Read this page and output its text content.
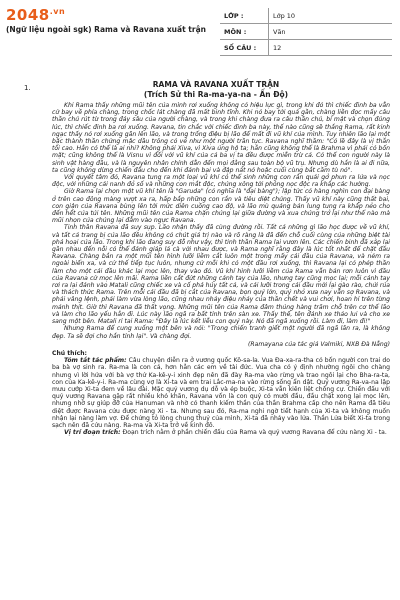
$2048^{.vn}$
(Ngữ liệu ngoài sgk) Rama và Ravana xuất trận
LỚP :	Lớp 10
MÔN :	Văn
SỐ CÂU :	12
1.	RAMA VÀ RAVANA XUẤT TRẬN
(Trích Sử thi Ra-ma-ya-na - Ấn Độ)

Khi Rama thấy những mũi tên của mình rơi xuống không có hiệu lực gì, trong khi đó thì chiếc đinh ba vẫn cứ bay về phía chàng, trong chốc lát chàng đã mất binh tĩnh. Khi nó bay tới quá gần, chàng liền đọc mấy câu thần chú rút từ trong đáy sâu của người chàng, và trong khi chàng đưa ra câu thần chú, bí mật và chọn đúng lúc, thì chiếc đinh ba rơi xuống. Ravana, tin chắc với chiếc đinh ba này, thế nào cũng sẽ thắng Rama, rất kinh ngạc thấy nó rơi xuống gãn lên lão, và trong trống điệu bị lão để mất đi vũ khí của mình. Tuy nhiên lão lại một bặc thành thần chứng mặc dầu trông có vẻ như một người trần tục. Ravana nghĩ thầm: "Có lẽ đây là vị thần tối cao. Hẳn có thể là ai nhỉ? Không phải Xiva, vì Xiva ủng hộ ta; hẳn cũng không thể là Brahma vì phải có bốn mặt; cũng không thể là Visnu vì đối với vũ khí của cả ba vị ta đều được miễn trừ cả. Có thể con người này là sinh vật hàng đầu, và là nguyên nhân chính dẫn đến mọi đằng sau toàn bộ vũ trụ. Nhưng dù hắn là ai đi nữa, ta cũng không dừng chiến đấu cho đến khi đánh bại và đập nát nó hoặc cuối cùng bắt cầm tù nó".

Với quyết tâm đó, Ravana tung ra một loại vũ khí có thể sinh những con rắn quái gở phun ra lửa và nọc độc, với những cái nanh đỏ số và những con mắt độc, chúng xông tới phóng nọc độc ra khắp các hướng.

Giờ Rama lại chọn một vũ khí tên là "Garuda" (có nghĩa là "đại bàng"); lập tức có hàng nghìn con đại bàng ở trên cao đông màng vượt xa ra, hấp bắp những con rắn và tiêu diệt chúng. Thấy vũ khí này cũng thất bại, con giận của Ravana bùng lên tới mức diên cuồng cao độ, và lão mù quáng bản lung tung ra khắp nẻo cho đến hết của túi tên. Những mũi tên của Rama chặn chúng lại giữa đường và xua chúng trở lại như thể nào mà mũi nhọn của chúng lại đâm vào ngực Ravana.

Tinh thần Ravana đã suy sụp. Lão nhận thấy đã cùng đường rồi. Tất cả những gì lão học được về vũ khí, và tất cả trang bị của lão đều không có chút giá trị nào và rõ ràng là đã đến chỗ cuối cùng của những biệt tài phá hoại của lão. Trong khi lão đang suy đỗ như vậy, thì tinh thần Rama lại vươn lên. Các chiến binh đã xáp lại gần nhau đến nỗi có thể đánh giáp lá cà với nhau được, và Rama nghĩ rằng đây là lúc tốt nhất để chặt đầu Ravana. Chàng bắn ra một mũi tên hình lưỡi liềm cắt luôn một trong mấy cái đầu của Ravana, và ném ra ngoài biển xa, và cứ thế tiếp tục luôn, nhưng cứ mỗi khi có một đầu rơi xuống, thì Ravana lại có phép thần làm cho một cái đầu khác lại mọc lên, thay vào đó. Vũ khí hình lưỡi liềm của Rama vẫn bản rơn luôn vì đầu của Ravana cứ mọc lên mãi. Rama liền cắt đứt những cánh tay của lão, nhưng tay cũng mọc lại; mỗi cánh tay rơi ra lại đánh vào Matali cũng chiếc xe và cố phá hủy tất cả, và cái lưỡi trong cái đầu mới lại gào rào, chửi rủa và thách thức Rama. Trên mỗi cái đầu đã bị cắt của Ravana, bọn quỷ lớn, quỷ nhỏ xưa nay vẫn sợ Ravana, và phải vâng lệnh, phải làm vừa lòng lão, cũng nhau nhảy điệu nhảy của thần chết và vui chơi, hoan hỉ trên từng mảnh thịt. Giờ thì Ravana đã thất vọng. Những mũi tên của Rama đâm thủng hàng trăm chỗ trên cơ thể lão và làm cho lão yếu hẳn đi. Lúc này lão ngã ra bất tỉnh trên sàn xe. Thấy thế, tên đánh xe thảo lui và cho xe sang một bên. Matali rỉ tai Rama: "Đây là lúc kết liễu con quỷ này. Nó đã ngã xuống rồi. Làm đi, làm đi!"

Nhưng Rama để cung xuống một bên và nói: "Trong chiến tranh giết một người đã ngã lăn ra, là không đẹp. Ta sẽ đợi cho hắn tỉnh lại". Và chàng đợi.

(Ramayana của tác giả Valmiki, NXB Đà Nẵng)

Chú thích:

Tóm tắt tác phẩm: Câu chuyện diễn ra ở vương quốc Kô-sa-la. Vua Đa-xa-ra-tha có bốn người con trai do ba bà vợ sinh ra. Ra-ma là con cả, hơn hẳn các em về tài đức. Vua cha có ý định nhường ngôi cho chàng nhưng vì lời hứa với bà vợ thứ Ka-kê-y-i xinh đẹp nên đã đày Ra-ma vào rừng và trao ngôi lại cho Bha-ra-ta, con của Ka-kê-y-i. Ra-ma cùng vợ là Xi-ta và em trai Lắc-ma-na vào rừng sống ẩn dật. Quỷ vương Ra-va-na lập mưu cướp Xi-ta đem về lâu đài. Mặc quỷ vương dụ dỗ và ép buộc, Xi-ta vẫn kiên liệt chống cự. Chiến đấu với quỷ vương Ravana gặp rất nhiều khó khăn, Ravana vốn là con quỷ có mười đầu, đầu chặt xong lại mọc lên, nhưng nhờ sự giúp đỡ của Hanuman và nhờ có thanh kiếm thần của thần Brahma cấp cho nên Rama đã tiêu diệt được Ravana cứu được nàng Xi - ta. Nhưng sau đó, Ra-ma nghi ngờ tiết hạnh của Xi-ta và không muốn nhận lại nàng làm vợ. Để chứng tỏ lòng chung thuỷ của mình, Xi-ta đã nhảy vào lửa. Thần Lửa biết Xi-ta trong sạch nên đã cứu nàng. Ra-ma và Xi-ta trở về kinh đô.

Vị trí đoạn trích: Đoạn trích nằm ở phần chiến đấu của Rama và quỷ vương Ravana để cứu nàng Xi - ta.
